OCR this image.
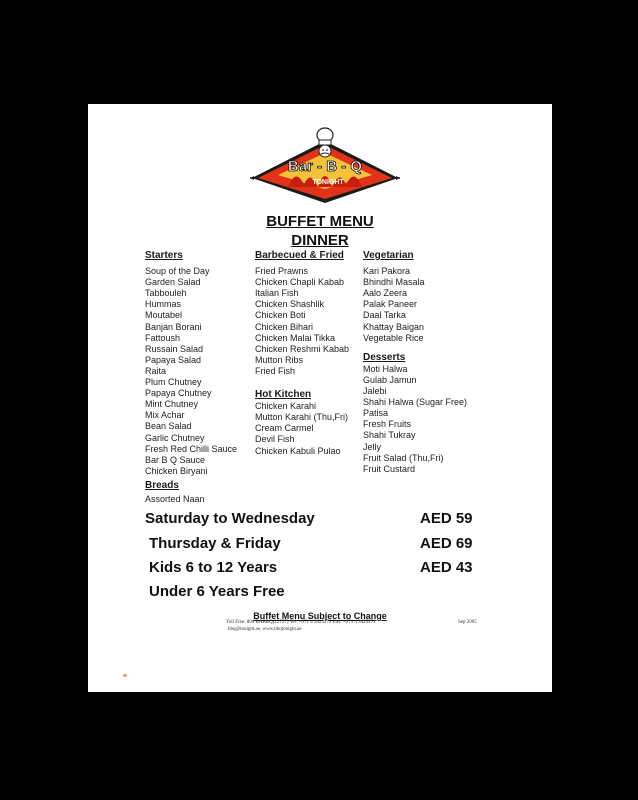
Bar - B - Q
TONIGHT
BUFFET MENU
DINNER
Starters
Soup of the Day
Garden Salad
Tabbouleh
Hummas
Moutabel
Banjan Borani
Fattoush
Russain Salad
Papaya Salad
Raita
Plum Chutney
Papaya Chutney
Mint Chutney
Mix Achar
Bean Salad
Garlic Chutney
Fresh Red Chilli Sauce
Bar B Q Sauce
Chicken Biryani
Breads
Assorted Naan
Barbecued & Fried
Fried Prawns
Chicken Chapli Kabab
Italian Fish
Chicken Shashlik
Chicken Boti
Chicken Bihari
Chicken Malai Tikka
Chicken Reshmi Kabab
Mutton Ribs
Fried Fish
Hot Kitchen
Chicken Karahi
Mutton Karahi (Thu,Fri)
Cream Carmel
Devil Fish
Chicken Kabuli Pulao
Vegetarian
Kari Pakora
Bhindhi Masala
Aalo Zeera
Palak Paneer
Daal Tarka
Khattay Baigan
Vegetable Rice
Desserts
Moti Halwa
Gulab Jamun
Jalebi
Shahi Halwa (Sugar Free)
Patisa
Fresh Fruits
Shahi Tukray
Jelly
Fruit Salad (Thu,Fri)
Fruit Custard
Saturday to Wednesday	AED 59
Thursday & Friday	AED 69
Kids 6 to 12 Years	AED 43
Under 6 Years Free
Buffet Menu Subject to Change
Toll Free: 800 BARBQ(22727) Tel: +971 4 3425272 Fax: +971 4 3425271	Sep 2005
bbq@tonight.ae, www.bbqtonight.ae
